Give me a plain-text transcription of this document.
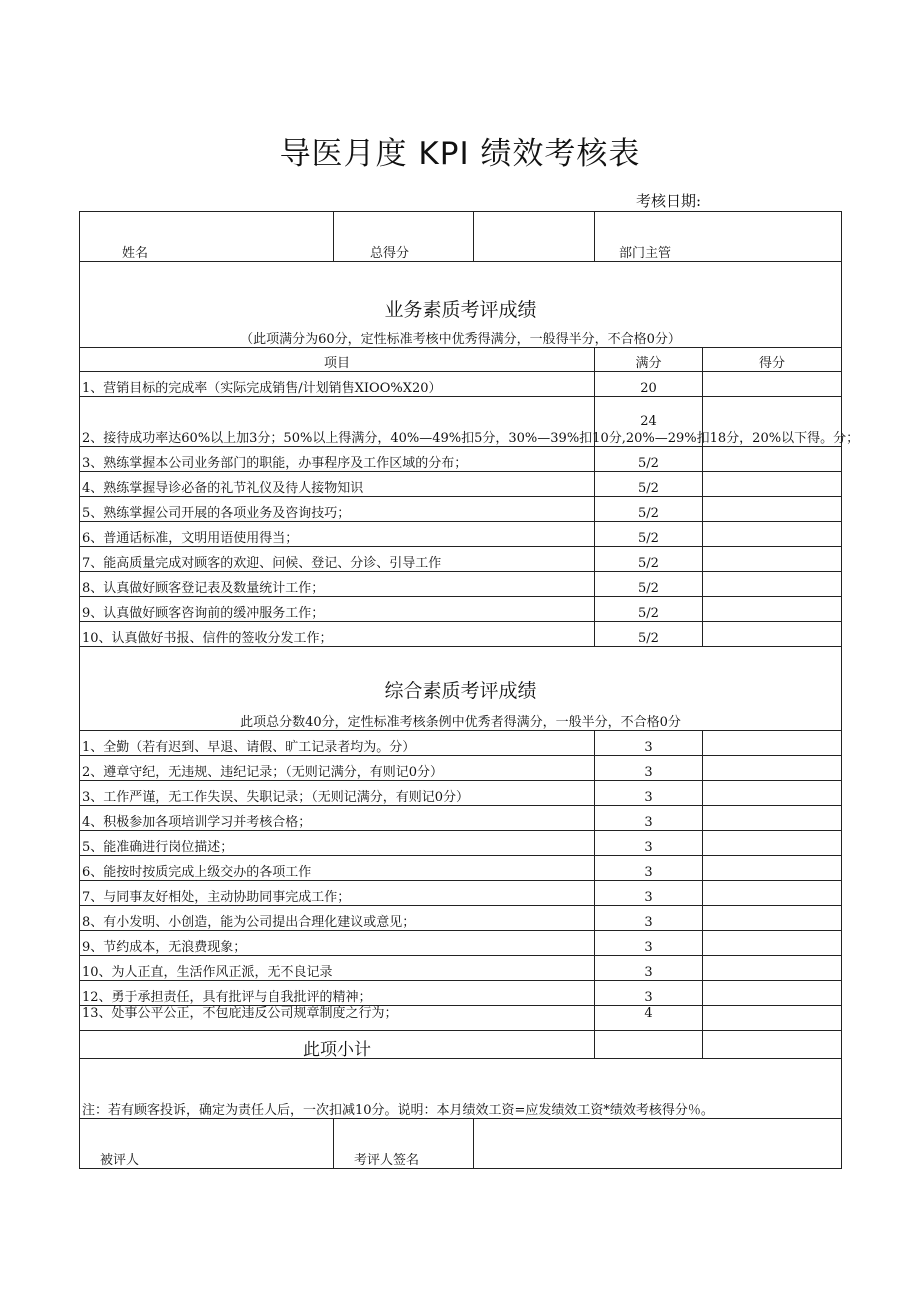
导医月度 KPI 绩效考核表
考核日期:
姓名	总得分		部门主管	

业务素质考评成绩
（此项满分为60分，定性标准考核中优秀得满分，一般得半分，不合格0分）				

项目			满分	得分
1、营销目标的完成率（实际完成销售/计划销售XIOO%X20）			20	
2、接待成功率达60%以上加3分；50%以上得满分，40%—49%扣5分，30%—39%扣10分,20%—29%扣18分，20%以下得。分；			24	
3、熟练掌握本公司业务部门的职能，办事程序及工作区域的分布；			5/2	
4、熟练掌握导诊必备的礼节礼仪及待人接物知识			5/2	
5、熟练掌握公司开展的各项业务及咨询技巧；			5/2	
6、普通话标准，文明用语使用得当；			5/2	
7、能高质量完成对顾客的欢迎、问候、登记、分诊、引导工作			5/2	
8、认真做好顾客登记表及数量统计工作；			5/2	
9、认真做好顾客咨询前的缓冲服务工作；			5/2	
10、认真做好书报、信件的签收分发工作；			5/2	

综合素质考评成绩
此项总分数40分，定性标准考核条例中优秀者得满分，一般半分，不合格0分				

1、全勤（若有迟到、早退、请假、旷工记录者均为。分）			3	
2、遵章守纪，无违规、违纪记录；（无则记满分，有则记0分）			3	
3、工作严谨，无工作失误、失职记录；（无则记满分，有则记0分）			3	
4、积极参加各项培训学习并考核合格；			3	
5、能准确进行岗位描述；			3	
6、能按时按质完成上级交办的各项工作			3	
7、与同事友好相处，主动协助同事完成工作；			3	
8、有小发明、小创造，能为公司提出合理化建议或意见；			3	
9、节约成本，无浪费现象；			3	
10、为人正直，生活作风正派，无不良记录			3	
12、勇于承担责任，具有批评与自我批评的精神；			3	
13、处事公平公正，不包庇违反公司规章制度之行为；			4	
此项小计				
注：若有顾客投诉，确定为责任人后，一次扣减10分。说明：本月绩效工资=应发绩效工资*绩效考核得分％。				
被评人	考评人签名			
